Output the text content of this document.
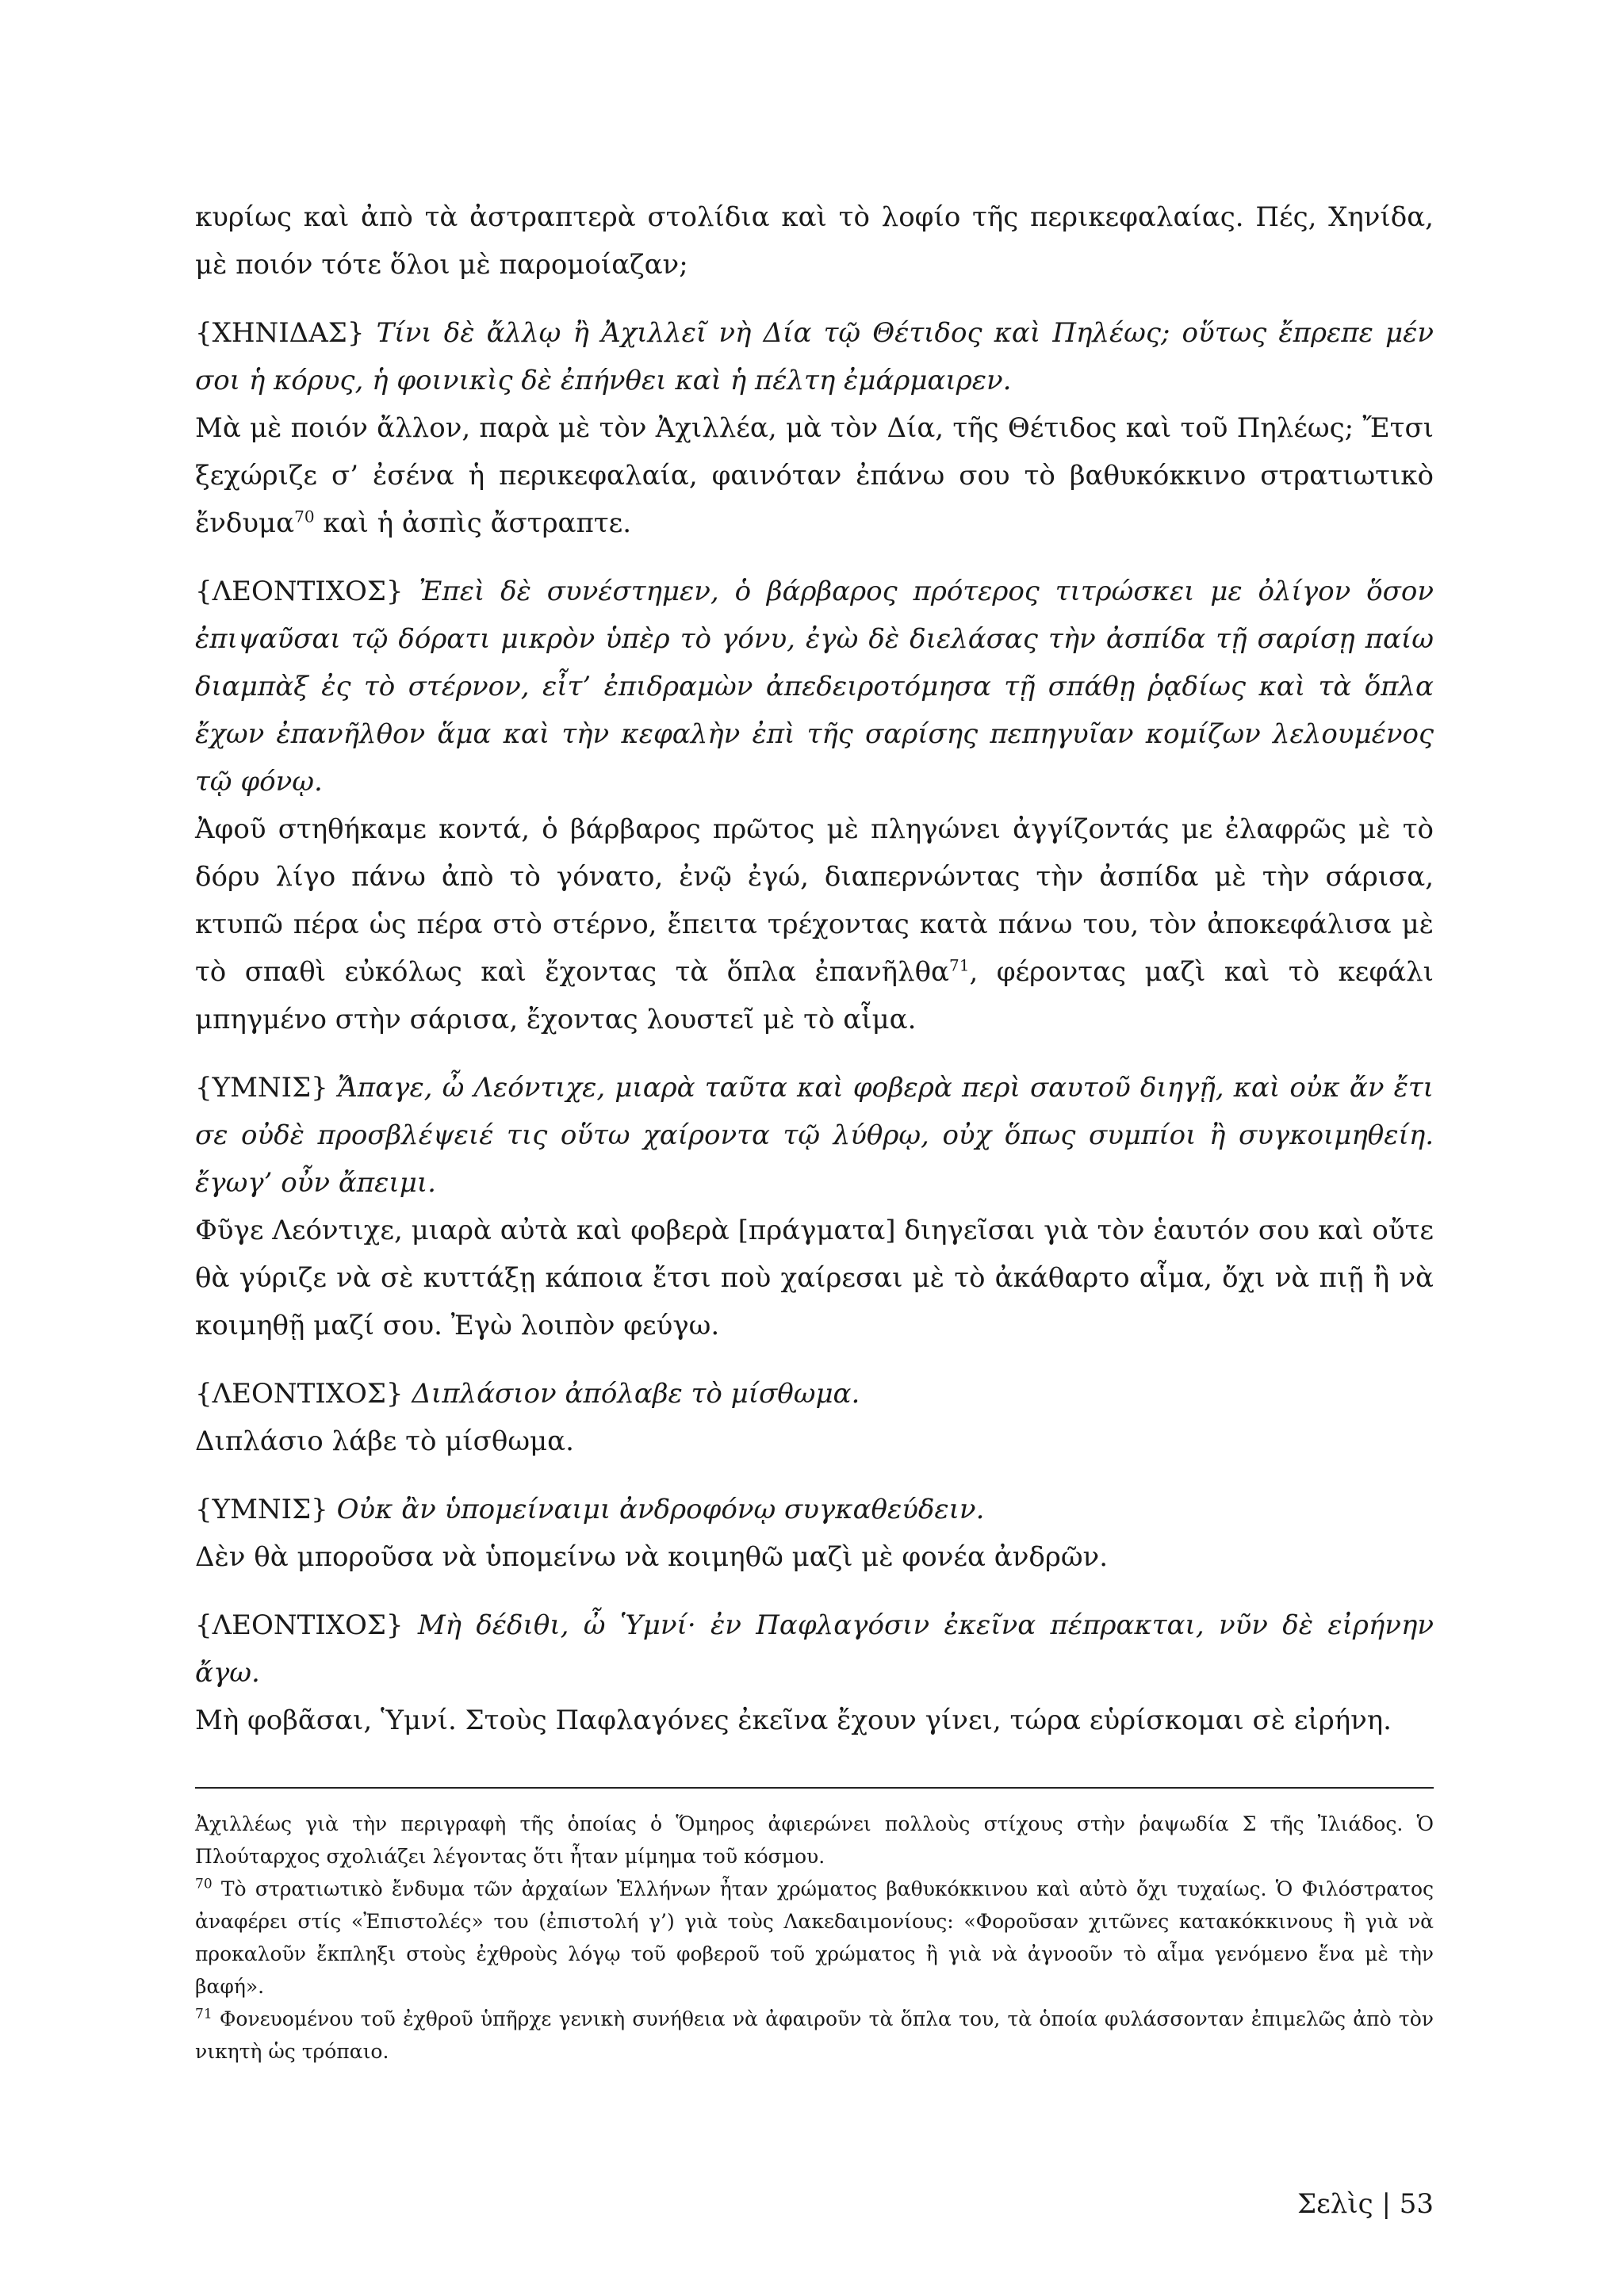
κυρίως καὶ ἀπὸ τὰ ἀστραπτερὰ στολίδια καὶ τὸ λοφίο τῆς περικεφαλαίας. Πές, Χηνίδα, μὲ ποιόν τότε ὅλοι μὲ παρομοίαζαν;

{ΧΗΝΙΔΑΣ} Τίνι δὲ ἄλλῳ ἢ Ἀχιλλεῖ νὴ Δία τῷ Θέτιδος καὶ Πηλέως; οὕτως ἔπρεπε μέν σοι ἡ κόρυς, ἡ φοινικὶς δὲ ἐπήνθει καὶ ἡ πέλτη ἐμάρμαιρεν.

Μὰ μὲ ποιόν ἄλλον, παρὰ μὲ τὸν Ἀχιλλέα, μὰ τὸν Δία, τῆς Θέτιδος καὶ τοῦ Πηλέως; Ἔτσι ξεχώριζε σ’ ἐσένα ἡ περικεφαλαία, φαινόταν ἐπάνω σου τὸ βαθυκόκκινο στρατιωτικὸ ἔνδυμα$^{70}$ καὶ ἡ ἀσπὶς ἄστραπτε.

{ΛΕΟΝΤΙΧΟΣ} Ἐπεὶ δὲ συνέστημεν, ὁ βάρβαρος πρότερος τιτρώσκει με ὀλίγον ὅσον ἐπιψαῦσαι τῷ δόρατι μικρὸν ὑπὲρ τὸ γόνυ, ἐγὼ δὲ διελάσας τὴν ἀσπίδα τῇ σαρίσῃ παίω διαμπὰξ ἐς τὸ στέρνον, εἶτ’ ἐπιδραμὼν ἀπεδειροτόμησα τῇ σπάθῃ ῥᾳδίως καὶ τὰ ὅπλα ἔχων ἐπανῆλθον ἅμα καὶ τὴν κεφαλὴν ἐπὶ τῆς σαρίσης πεπηγυῖαν κομίζων λελουμένος τῷ φόνῳ.

Ἀφοῦ στηθήκαμε κοντά, ὁ βάρβαρος πρῶτος μὲ πληγώνει ἀγγίζοντάς με ἐλαφρῶς μὲ τὸ δόρυ λίγο πάνω ἀπὸ τὸ γόνατο, ἐνῷ ἐγώ, διαπερνώντας τὴν ἀσπίδα μὲ τὴν σάρισα, κτυπῶ πέρα ὡς πέρα στὸ στέρνο, ἔπειτα τρέχοντας κατὰ πάνω του, τὸν ἀποκεφάλισα μὲ τὸ σπαθὶ εὐκόλως καὶ ἔχοντας τὰ ὅπλα ἐπανῆλθα$^{71}$, φέροντας μαζὶ καὶ τὸ κεφάλι μπηγμένο στὴν σάρισα, ἔχοντας λουστεῖ μὲ τὸ αἷμα.

{ΥΜΝΙΣ} Ἄπαγε, ὦ Λεόντιχε, μιαρὰ ταῦτα καὶ φοβερὰ περὶ σαυτοῦ διηγῇ, καὶ οὐκ ἄν ἔτι σε οὐδὲ προσβλέψειέ τις οὕτω χαίροντα τῷ λύθρῳ, οὐχ ὅπως συμπίοι ἢ συγκοιμηθείη. ἔγωγ’ οὖν ἄπειμι.

Φῦγε Λεόντιχε, μιαρὰ αὐτὰ καὶ φοβερὰ [πράγματα] διηγεῖσαι γιὰ τὸν ἑαυτόν σου καὶ οὔτε θὰ γύριζε νὰ σὲ κυττάξῃ κάποια ἔτσι ποὺ χαίρεσαι μὲ τὸ ἀκάθαρτο αἷμα, ὄχι νὰ πιῇ ἢ νὰ κοιμηθῇ μαζί σου. Ἐγὼ λοιπὸν φεύγω.

{ΛΕΟΝΤΙΧΟΣ} Διπλάσιον ἀπόλαβε τὸ μίσθωμα.

Διπλάσιο λάβε τὸ μίσθωμα.

{ΥΜΝΙΣ} Οὐκ ἂν ὑπομείναιμι ἀνδροφόνῳ συγκαθεύδειν.

Δὲν θὰ μποροῦσα νὰ ὑπομείνω νὰ κοιμηθῶ μαζὶ μὲ φονέα ἀνδρῶν.

{ΛΕΟΝΤΙΧΟΣ} Μὴ δέδιθι, ὦ Ὑμνί· ἐν Παφλαγόσιν ἐκεῖνα πέπρακται, νῦν δὲ εἰρήνην ἄγω.

Μὴ φοβᾶσαι, Ὑμνί. Στοὺς Παφλαγόνες ἐκεῖνα ἔχουν γίνει, τώρα εὑρίσκομαι σὲ εἰρήνη.

Ἀχιλλέως γιὰ τὴν περιγραφὴ τῆς ὁποίας ὁ Ὅμηρος ἀφιερώνει πολλοὺς στίχους στὴν ῥαψωδία Σ τῆς Ἰλιάδος. Ὁ Πλούταρχος σχολιάζει λέγοντας ὅτι ἦταν μίμημα τοῦ κόσμου.

$^{70}$ Τὸ στρατιωτικὸ ἔνδυμα τῶν ἀρχαίων Ἑλλήνων ἦταν χρώματος βαθυκόκκινου καὶ αὐτὸ ὄχι τυχαίως. Ὁ Φιλόστρατος ἀναφέρει στίς «Ἐπιστολές» του (ἐπιστολή γ’) γιὰ τοὺς Λακεδαιμονίους: «Φοροῦσαν χιτῶνες κατακόκκινους ἢ γιὰ νὰ προκαλοῦν ἔκπληξι στοὺς ἐχθροὺς λόγῳ τοῦ φοβεροῦ τοῦ χρώματος ἢ γιὰ νὰ ἀγνοοῦν τὸ αἷμα γενόμενο ἕνα μὲ τὴν βαφή».

$^{71}$ Φονευομένου τοῦ ἐχθροῦ ὑπῆρχε γενικὴ συνήθεια νὰ ἀφαιροῦν τὰ ὅπλα του, τὰ ὁποία φυλάσσονταν ἐπιμελῶς ἀπὸ τὸν νικητὴ ὡς τρόπαιο.

Σελὶς | 53
